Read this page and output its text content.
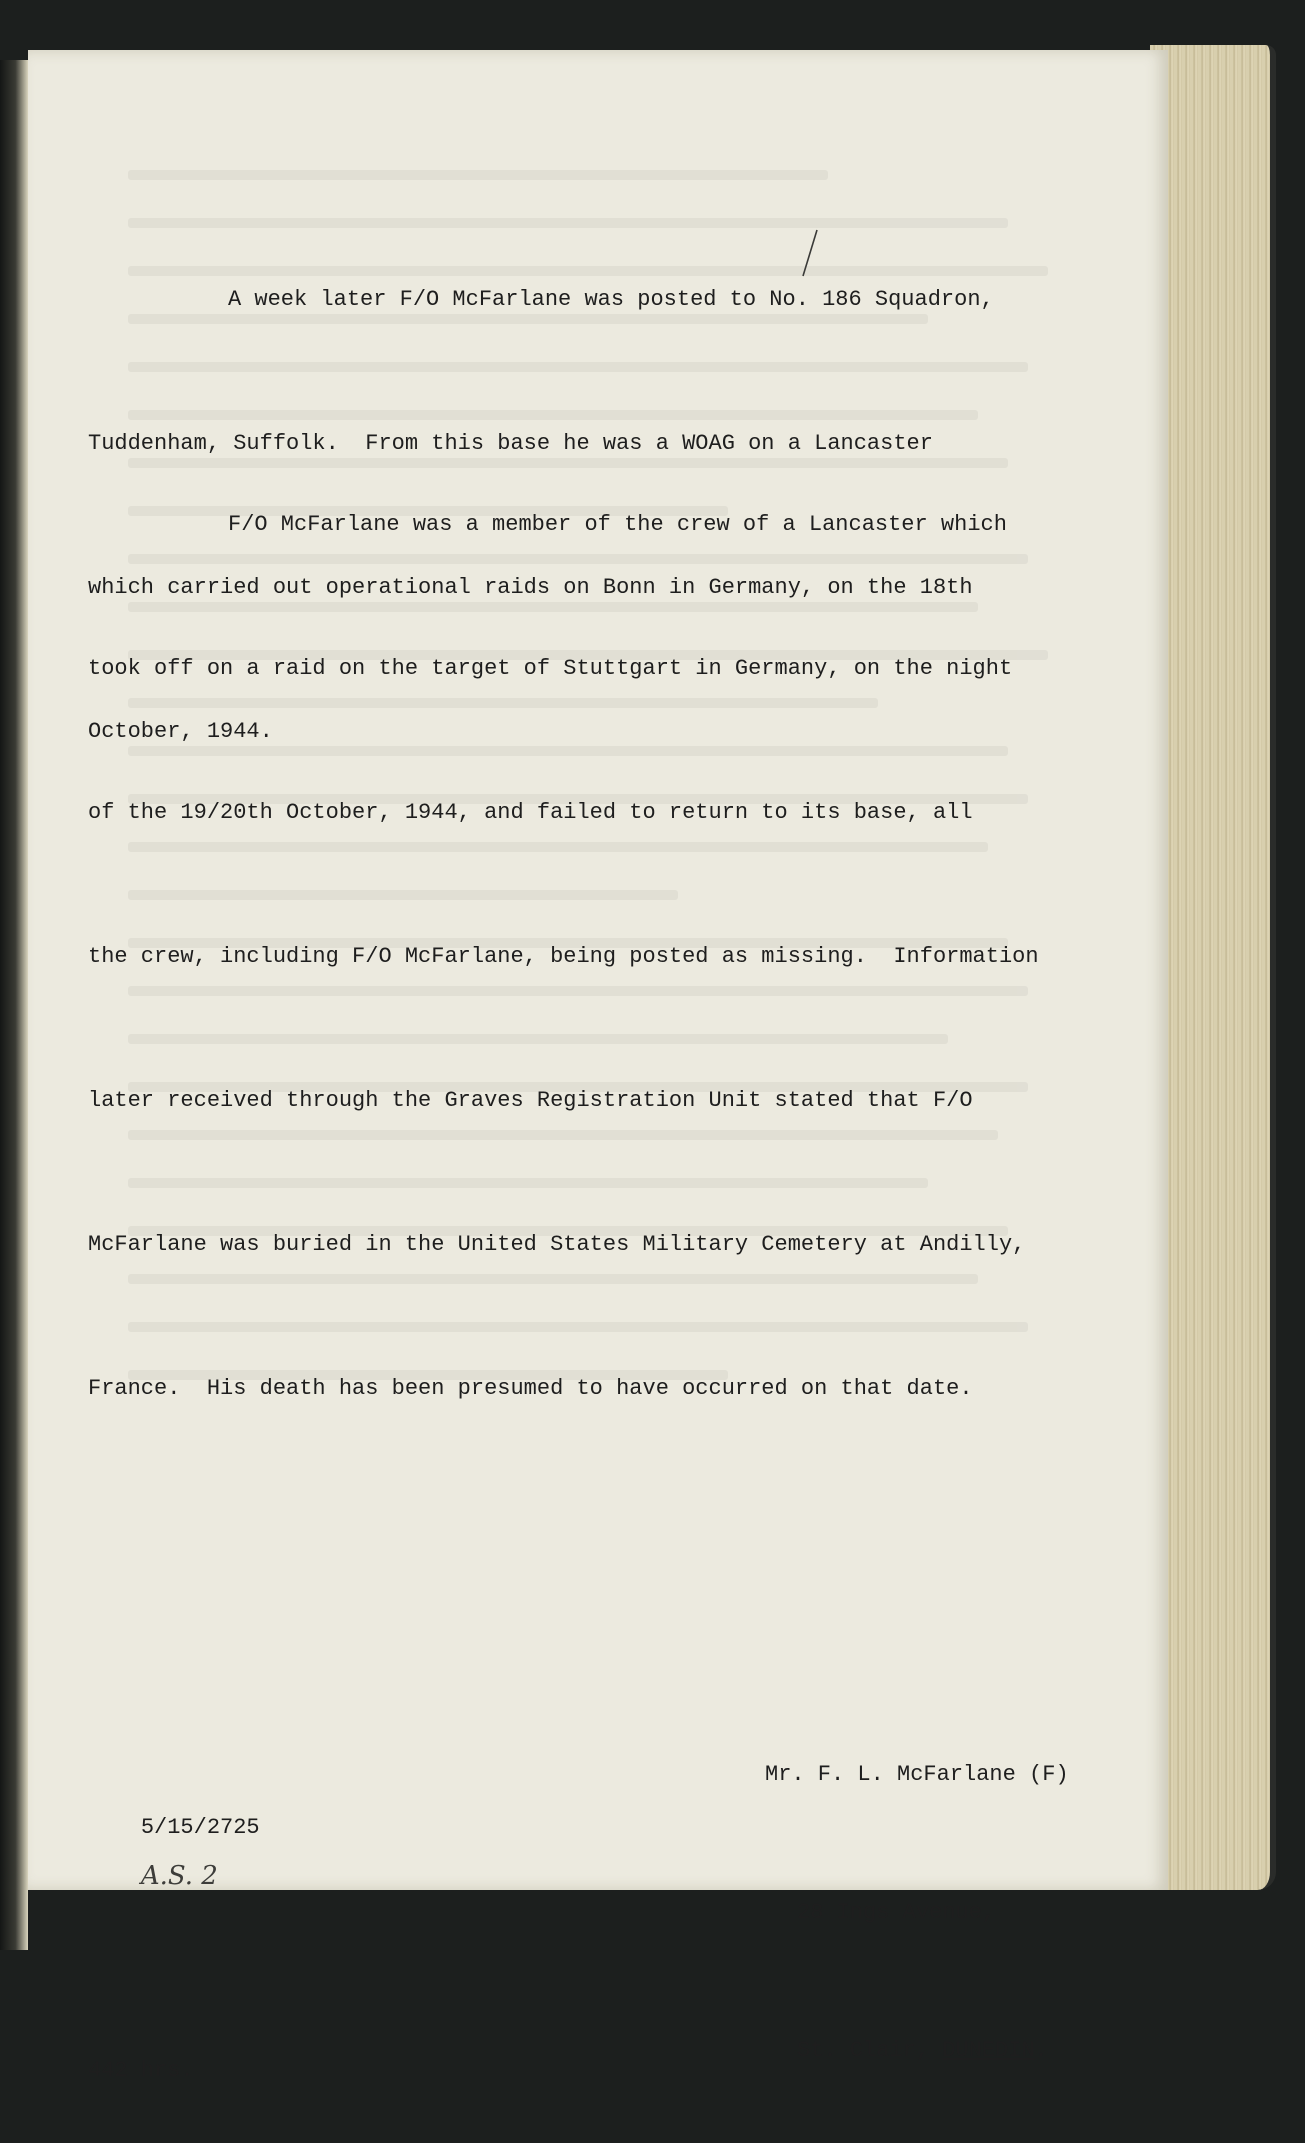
A week later F/O McFarlane was posted to No. 186 Squadron,

Tuddenham, Suffolk.  From this base he was a WOAG on a Lancaster

which carried out operational raids on Bonn in Germany, on the 18th

October, 1944.

F/O McFarlane was a member of the crew of a Lancaster which

took off on a raid on the target of Stuttgart in Germany, on the night

of the 19/20th October, 1944, and failed to return to its base, all

the crew, including F/O McFarlane, being posted as missing.  Information

later received through the Graves Registration Unit stated that F/O

McFarlane was buried in the United States Military Cemetery at Andilly,

France.  His death has been presumed to have occurred on that date.

5/15/2725
A.S. 2

442 hrs.

Mr. F. L. McFarlane (F)

28 Ings Avenue,

St. Clair, DUNEDIN.
